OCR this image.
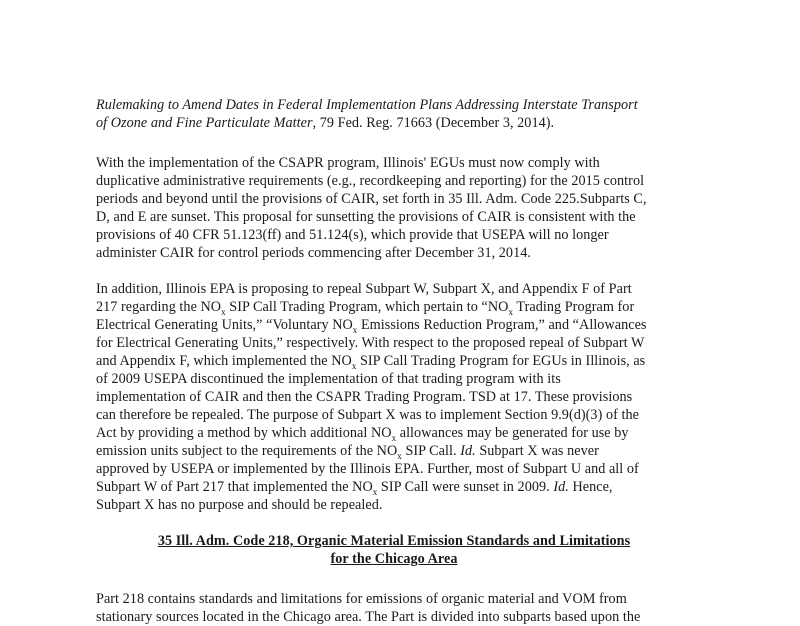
Rulemaking to Amend Dates in Federal Implementation Plans Addressing Interstate Transport
of Ozone and Fine Particulate Matter, 79 Fed. Reg. 71663 (December 3, 2014).

With the implementation of the CSAPR program, Illinois' EGUs must now comply with
duplicative administrative requirements (e.g., recordkeeping and reporting) for the 2015 control
periods and beyond until the provisions of CAIR, set forth in 35 Ill. Adm. Code 225.Subparts C,
D, and E are sunset. This proposal for sunsetting the provisions of CAIR is consistent with the
provisions of 40 CFR 51.123(ff) and 51.124(s), which provide that USEPA will no longer
administer CAIR for control periods commencing after December 31, 2014.

In addition, Illinois EPA is proposing to repeal Subpart W, Subpart X, and Appendix F of Part
217 regarding the $NO_x$ SIP Call Trading Program, which pertain to “$NO_x$ Trading Program for
Electrical Generating Units,” “Voluntary $NO_x$ Emissions Reduction Program,” and “Allowances
for Electrical Generating Units,” respectively. With respect to the proposed repeal of Subpart W
and Appendix F, which implemented the $NO_x$ SIP Call Trading Program for EGUs in Illinois, as
of 2009 USEPA discontinued the implementation of that trading program with its
implementation of CAIR and then the CSAPR Trading Program. TSD at 17. These provisions
can therefore be repealed. The purpose of Subpart X was to implement Section 9.9(d)(3) of the
Act by providing a method by which additional $NO_x$ allowances may be generated for use by
emission units subject to the requirements of the $NO_x$ SIP Call. Id. Subpart X was never
approved by USEPA or implemented by the Illinois EPA. Further, most of Subpart U and all of
Subpart W of Part 217 that implemented the $NO_x$ SIP Call were sunset in 2009. Id. Hence,
Subpart X has no purpose and should be repealed.

35 Ill. Adm. Code 218, Organic Material Emission Standards and Limitations
for the Chicago Area

Part 218 contains standards and limitations for emissions of organic material and VOM from
stationary sources located in the Chicago area. The Part is divided into subparts based upon the
